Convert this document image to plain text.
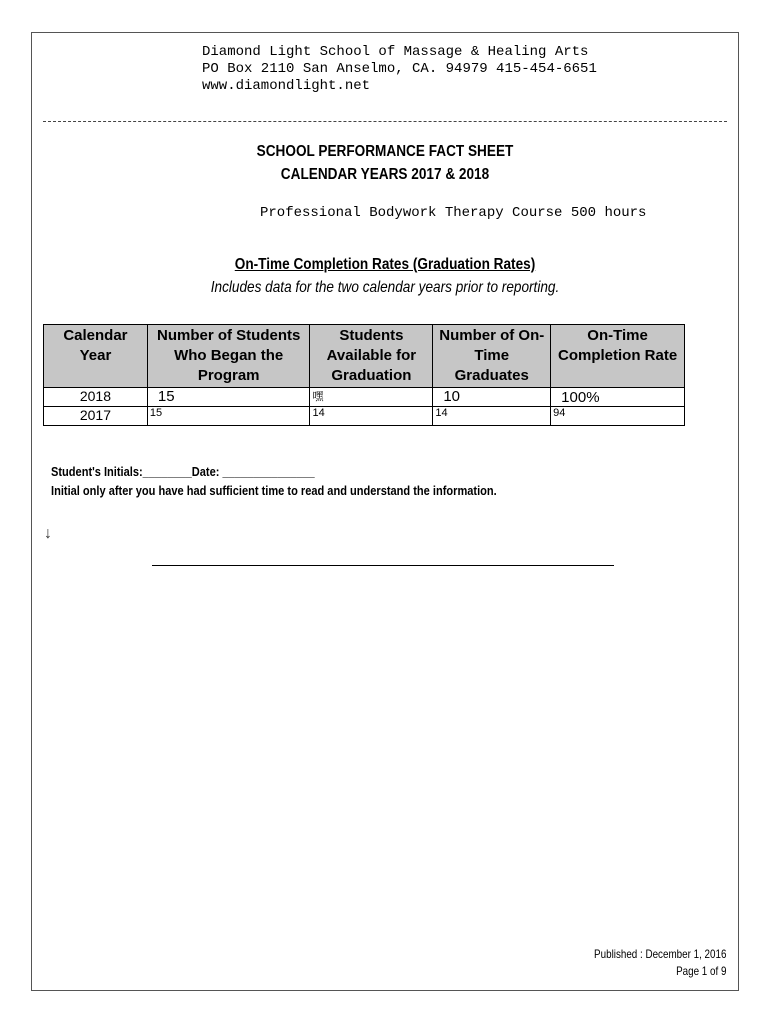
Diamond Light School of Massage & Healing Arts
PO Box 2110 San Anselmo, CA. 94979 415-454-6651
www.diamondlight.net
SCHOOL PERFORMANCE FACT SHEET
CALENDAR YEARS 2017 & 2018
Professional Bodywork Therapy Course 500 hours
On-Time Completion Rates (Graduation Rates)
Includes data for the two calendar years prior to reporting.
Calendar Year	Number of Students Who Began the Program	Students Available for Graduation	Number of On-Time Graduates	On-Time Completion Rate
2018	15	嘿	10	100%
2017	15	14	14	94
Student's Initials:________Date: _______________
Initial only after you have had sufficient time to read and understand the information.
↓
Published : December 1, 2016
Page 1 of 9
